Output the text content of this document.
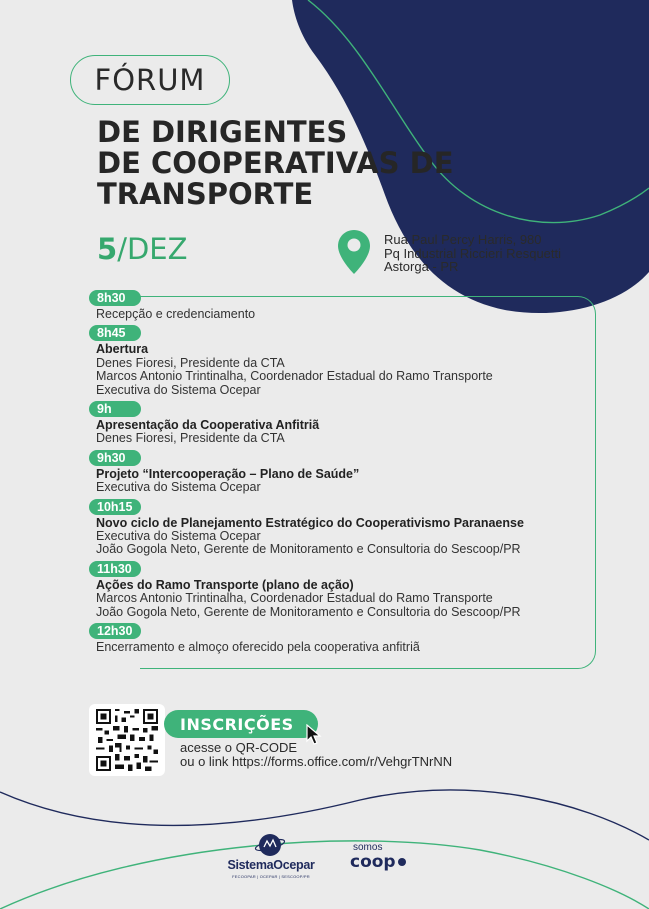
FÓRUM
DE DIRIGENTES
DE COOPERATIVAS DE
TRANSPORTE
5/DEZ	Rua Paul Percy Harris, 980
Pq Industrial Riccieri Resquetti
Astorga - PR
8h30
Recepção e credenciamento
8h45
Abertura
Denes Fioresi, Presidente da CTA
Marcos Antonio Trintinalha, Coordenador Estadual do Ramo Transporte
Executiva do Sistema Ocepar
9h
Apresentação da Cooperativa Anfitriã
Denes Fioresi, Presidente da CTA
9h30
Projeto “Intercooperação – Plano de Saúde”
Executiva do Sistema Ocepar
10h15
Novo ciclo de Planejamento Estratégico do Cooperativismo Paranaense
Executiva do Sistema Ocepar
João Gogola Neto, Gerente de Monitoramento e Consultoria do Sescoop/PR
11h30
Ações do Ramo Transporte (plano de ação)
Marcos Antonio Trintinalha, Coordenador Estadual do Ramo Transporte
João Gogola Neto, Gerente de Monitoramento e Consultoria do Sescoop/PR
12h30
Encerramento e almoço oferecido pela cooperativa anfitriã
INSCRIÇÕES
acesse o QR-CODE
ou o link https://forms.office.com/r/VehgrTNrNN
SistemaOcepar
FECOOPAR | OCEPAR | SESCOOP/PR
somos
coop
